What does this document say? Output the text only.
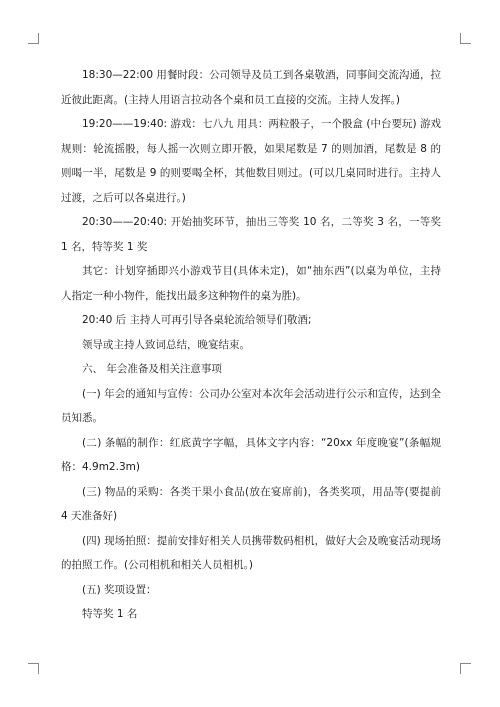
18:30—22:00 用餐时段：公司领导及员工到各桌敬酒，同事间交流沟通，拉近彼此距离。(主持人用语言拉动各个桌和员工直接的交流。主持人发挥。)

19:20——19:40: 游戏：七八九 用具：两粒骰子，一个骰盒 (中台要玩) 游戏规则：轮流摇骰，每人摇一次则立即开骰，如果尾数是 7 的则加酒，尾数是 8 的则喝一半，尾数是 9 的则要喝全杯，其他数目则过。(可以几桌同时进行。主持人过渡，之后可以各桌进行。)

20:30——20:40: 开始抽奖环节，抽出三等奖 10 名，二等奖 3 名，一等奖 1 名，特等奖 1 奖

其它：计划穿插即兴小游戏节目(具体未定)，如“抽东西”(以桌为单位，主持人指定一种小物件，能找出最多这种物件的桌为胜)。

20:40 后 主持人可再引导各桌轮流给领导们敬酒;

领导或主持人致词总结，晚宴结束。

六、 年会准备及相关注意事项

(一) 年会的通知与宣传：公司办公室对本次年会活动进行公示和宣传，达到全员知悉。

(二) 条幅的制作：红底黄字字幅，具体文字内容：“20xx 年度晚宴”(条幅规格：4.9m2.3m)

(三) 物品的采购：各类干果小食品(放在宴席前)，各类奖项，用品等(要提前 4 天准备好)

(四) 现场拍照：提前安排好相关人员携带数码相机，做好大会及晚宴活动现场的拍照工作。(公司相机和相关人员相机。)

(五) 奖项设置：

特等奖 1 名
